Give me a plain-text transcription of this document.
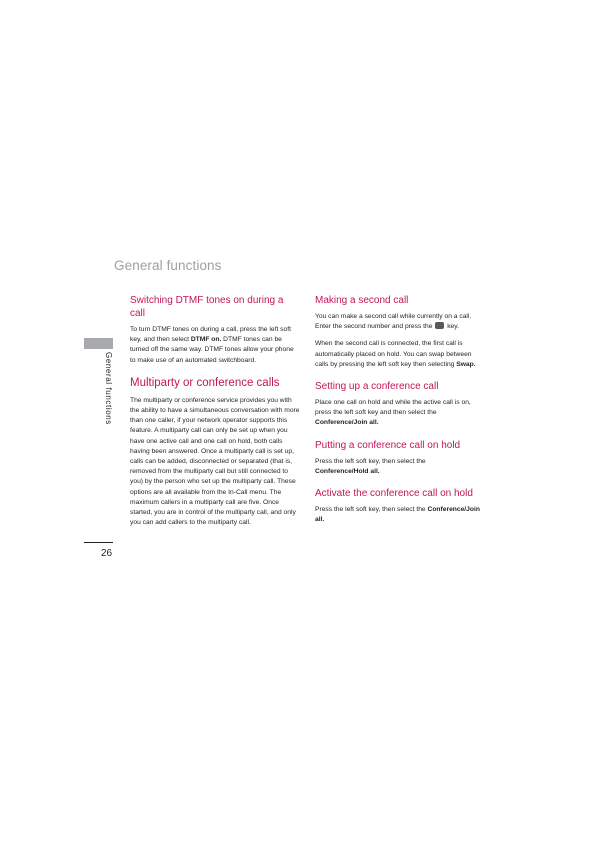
General functions
General functions
26
Switching DTMF tones on during a call

To turn DTMF tones on during a call, press the left soft key, and then select DTMF on. DTMF tones can be turned off the same way. DTMF tones allow your phone to make use of an automated switchboard.

Multiparty or conference calls

The multiparty or conference service provides you with the ability to have a simultaneous conversation with more than one caller, if your network operator supports this feature. A multiparty call can only be set up when you have one active call and one call on hold, both calls having been answered. Once a multiparty call is set up, calls can be added, disconnected or separated (that is, removed from the multiparty call but still connected to you) by the person who set up the multiparty call. These options are all available from the In-Call menu. The maximum callers in a multiparty call are five. Once started, you are in control of the multiparty call, and only you can add callers to the multiparty call.

Making a second call

You can make a second call while currently on a call. Enter the second number and press the  key.

When the second call is connected, the first call is automatically placed on hold. You can swap between calls by pressing the left soft key then selecting Swap.

Setting up a conference call

Place one call on hold and while the active call is on, press the left soft key and then select the Conference/Join all.

Putting a conference call on hold

Press the left soft key, then select the Conference/Hold all.

Activate the conference call on hold

Press the left soft key, then select the Conference/Join all.
